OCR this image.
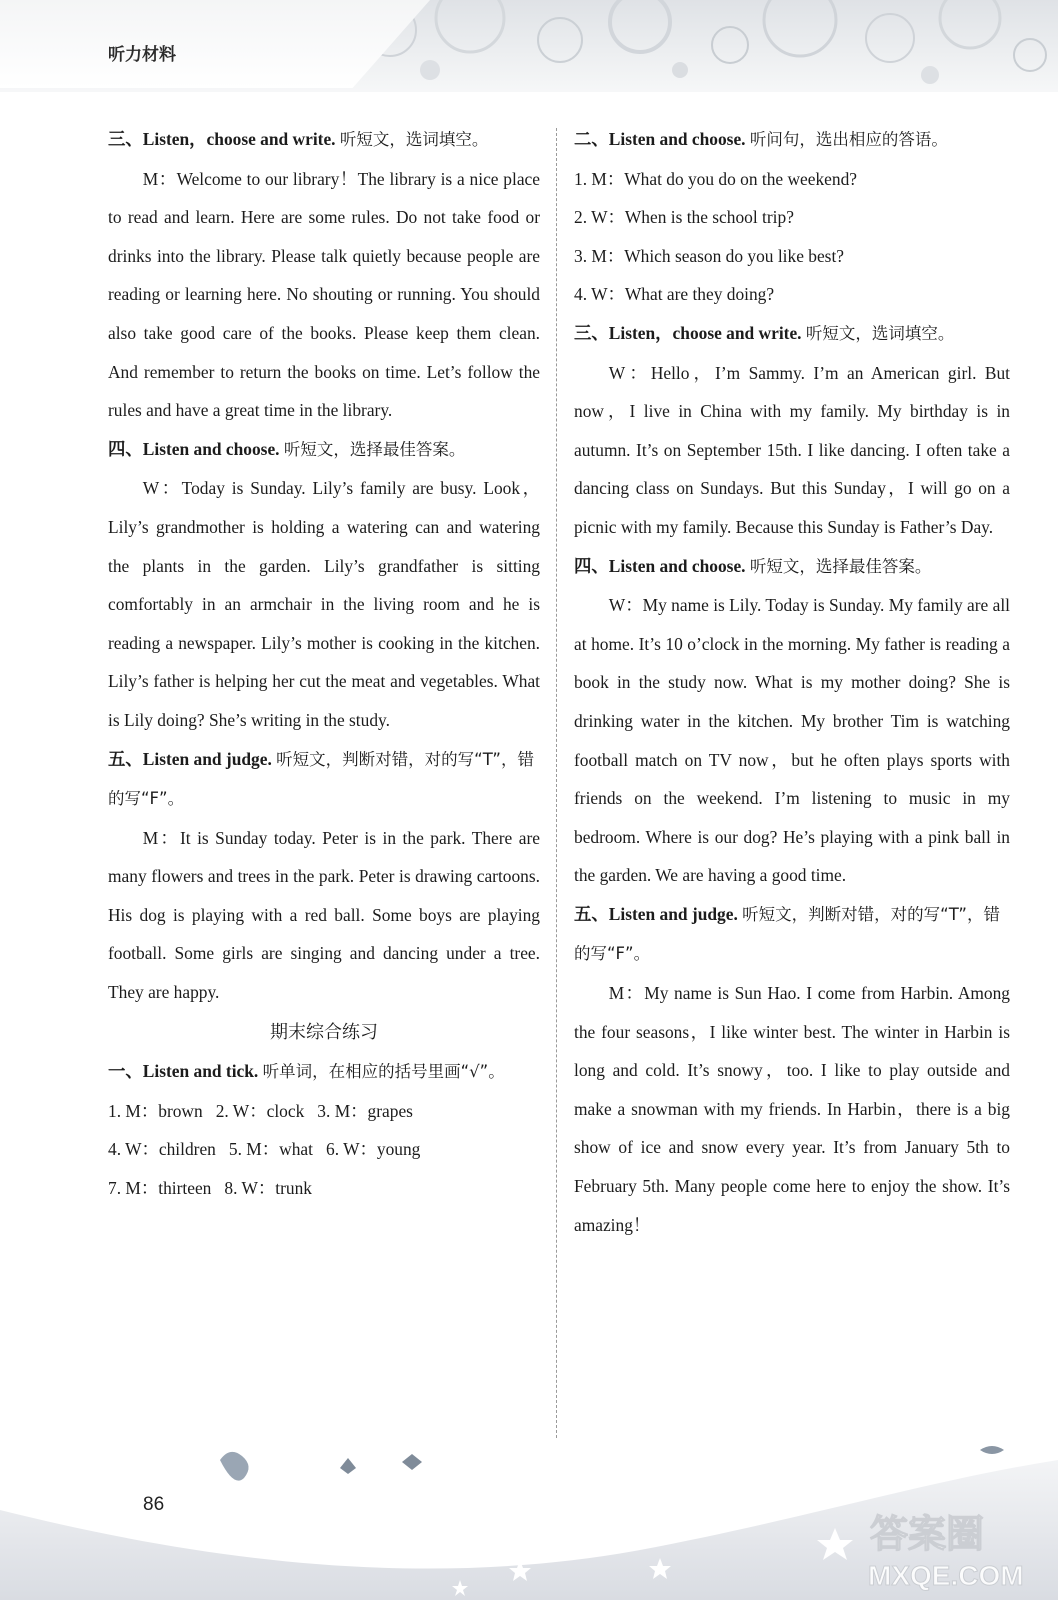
听力材料

三、Listen，choose and write. 听短文，选词填空。

M：Welcome to our library！The library is a nice place to read and learn. Here are some rules. Do not take food or drinks into the library. Please talk quietly because people are reading or learning here. No shouting or running. You should also take good care of the books. Please keep them clean. And remember to return the books on time. Let’s follow the rules and have a great time in the library.

四、Listen and choose. 听短文，选择最佳答案。

W：Today is Sunday. Lily’s family are busy. Look，Lily’s grandmother is holding a watering can and watering the plants in the garden. Lily’s grandfather is sitting comfortably in an armchair in the living room and he is reading a newspaper. Lily’s mother is cooking in the kitchen. Lily’s father is helping her cut the meat and vegetables. What is Lily doing? She’s writing in the study.

五、Listen and judge. 听短文，判断对错，对的写“T”，错的写“F”。

M：It is Sunday today. Peter is in the park. There are many flowers and trees in the park. Peter is drawing cartoons. His dog is playing with a red ball. Some boys are playing football. Some girls are singing and dancing under a tree. They are happy.

期末综合练习

一、Listen and tick. 听单词，在相应的括号里画“√”。

1. M：brown   2. W：clock   3. M：grapes

4. W：children   5. M：what   6. W：young

7. M：thirteen   8. W：trunk

二、Listen and choose. 听问句，选出相应的答语。

1. M：What do you do on the weekend?

2. W：When is the school trip?

3. M：Which season do you like best?

4. W：What are they doing?

三、Listen，choose and write. 听短文，选词填空。

W：Hello，I’m Sammy. I’m an American girl. But now，I live in China with my family. My birthday is in autumn. It’s on September 15th. I like dancing. I often take a dancing class on Sundays. But this Sunday，I will go on a picnic with my family. Because this Sunday is Father’s Day.

四、Listen and choose. 听短文，选择最佳答案。

W：My name is Lily. Today is Sunday. My family are all at home. It’s 10 o’clock in the morning. My father is reading a book in the study now. What is my mother doing? She is drinking water in the kitchen. My brother Tim is watching football match on TV now，but he often plays sports with friends on the weekend. I’m listening to music in my bedroom. Where is our dog? He’s playing with a pink ball in the garden. We are having a good time.

五、Listen and judge. 听短文，判断对错，对的写“T”，错的写“F”。

M：My name is Sun Hao. I come from Harbin. Among the four seasons，I like winter best. The winter in Harbin is long and cold. It’s snowy，too. I like to play outside and make a snowman with my friends. In Harbin，there is a big show of ice and snow every year. It’s from January 5th to February 5th. Many people come here to enjoy the show. It’s amazing！

86
答案圈
MXQE.COM
